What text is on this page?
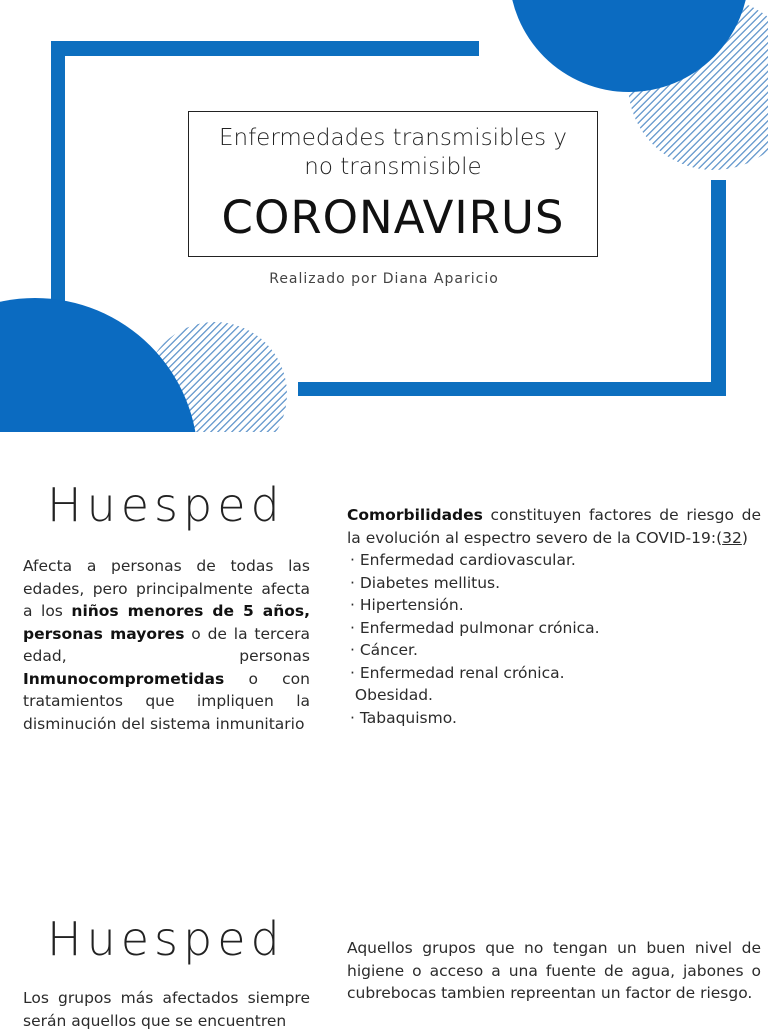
Enfermedades transmisibles y
no transmisible
CORONAVIRUS
Realizado por Diana Aparicio
Huesped
Afecta a personas de todas las edades, pero principalmente afecta a los niños menores de 5 años, personas mayores o de la tercera edad, personas Inmunocomprometidas o con tratamientos que impliquen la disminución del sistema inmunitario
Comorbilidades constituyen factores de riesgo de la evolución al espectro severo de la COVID-19:(32)
· Enfermedad cardiovascular.
· Diabetes mellitus.
· Hipertensión.
· Enfermedad pulmonar crónica.
· Cáncer.
· Enfermedad renal crónica.
Obesidad.
· Tabaquismo.
Huesped
Los grupos más afectados siempre serán aquellos que se encuentren
Aquellos grupos que no tengan un buen nivel de higiene o acceso a una fuente de agua, jabones o cubrebocas tambien repreentan un factor de riesgo.
